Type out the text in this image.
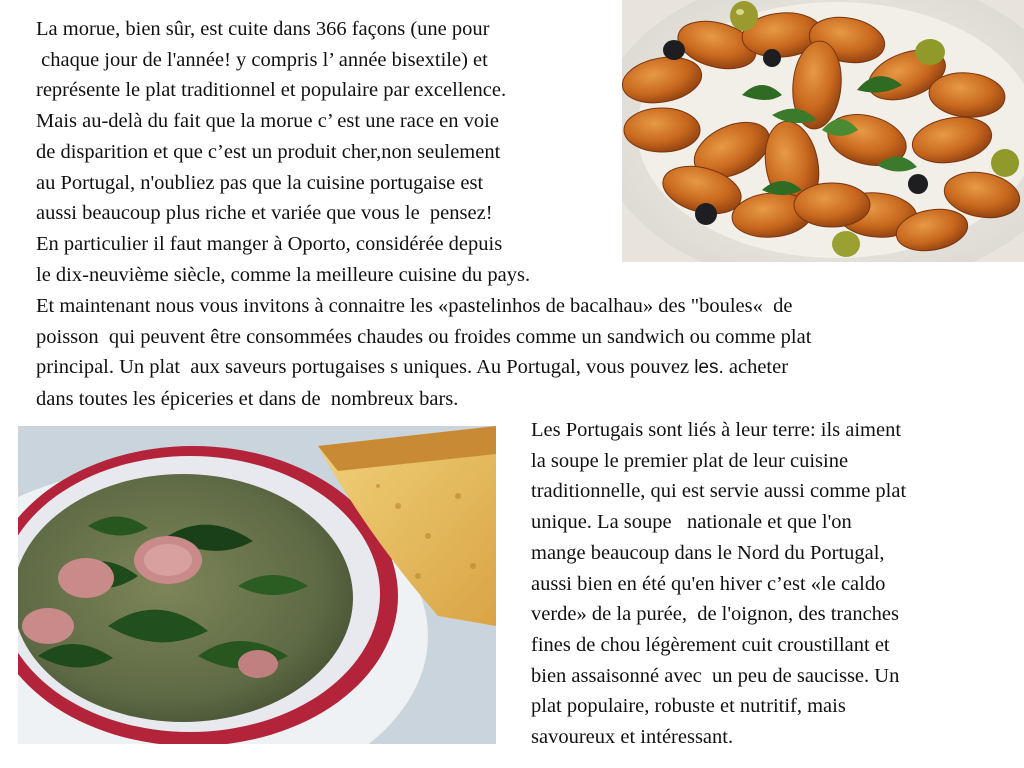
La morue, bien sûr, est cuite dans 366 façons (une pour
chaque jour de l'année! y compris l’ année bisextile) et
représente le plat traditionnel et populaire par excellence.
Mais au-delà du fait que la morue c’ est une race en voie
de disparition et que c’est un produit cher,non seulement
au Portugal, n'oubliez pas que la cuisine portugaise est
aussi beaucoup plus riche et variée que vous le  pensez!
En particulier il faut manger à Oporto, considérée depuis
le dix-neuvième siècle, comme la meilleure cuisine du pays.
Et maintenant nous vous invitons à connaitre les «pastelinhos de bacalhau» des "boules«  de
poisson  qui peuvent être consommées chaudes ou froides comme un sandwich ou comme plat
principal. Un plat  aux saveurs portugaises s uniques. Au Portugal, vous pouvez les. acheter
dans toutes les épiceries et dans de  nombreux bars.
Les Portugais sont liés à leur terre: ils aiment
la soupe le premier plat de leur cuisine
traditionnelle, qui est servie aussi comme plat
unique. La soupe   nationale et que l'on
mange beaucoup dans le Nord du Portugal,
aussi bien en été qu'en hiver c’est «le caldo
verde» de la purée,  de l'oignon, des tranches
fines de chou légèrement cuit croustillant et
bien assaisonné avec  un peu de saucisse. Un
plat populaire, robuste et nutritif, mais
savoureux et intéressant.
